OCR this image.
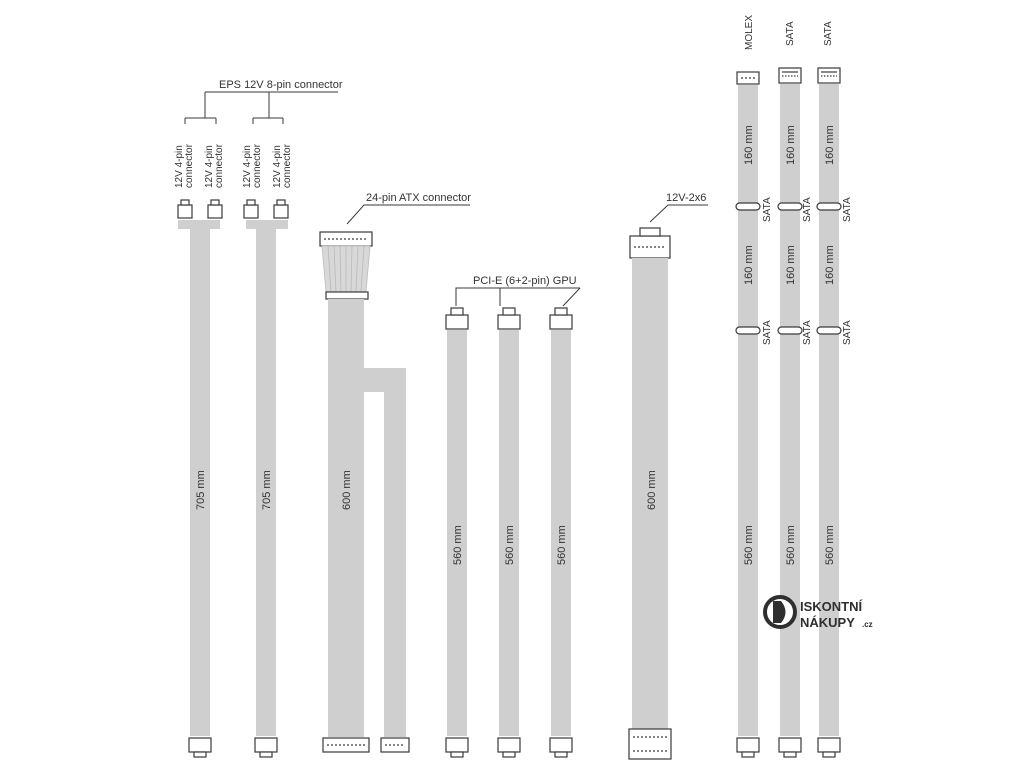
EPS 12V 8-pin connector
12V 4-pin connector 12V 4-pin connector 12V 4-pin connector 12V 4-pin connector
705 mm	705 mm
24-pin ATX connector
600 mm
PCI-E (6+2-pin) GPU
560 mm	560 mm	560 mm
12V-2x6
600 mm
MOLEX	SATA	SATA
160 mm
160 mm
560 mm
SATA
SATA
160 mm
160 mm
560 mm
SATA
SATA
160 mm
160 mm
560 mm
SATA
SATA
ISKONTNÍ
NÁKUPY .cz
